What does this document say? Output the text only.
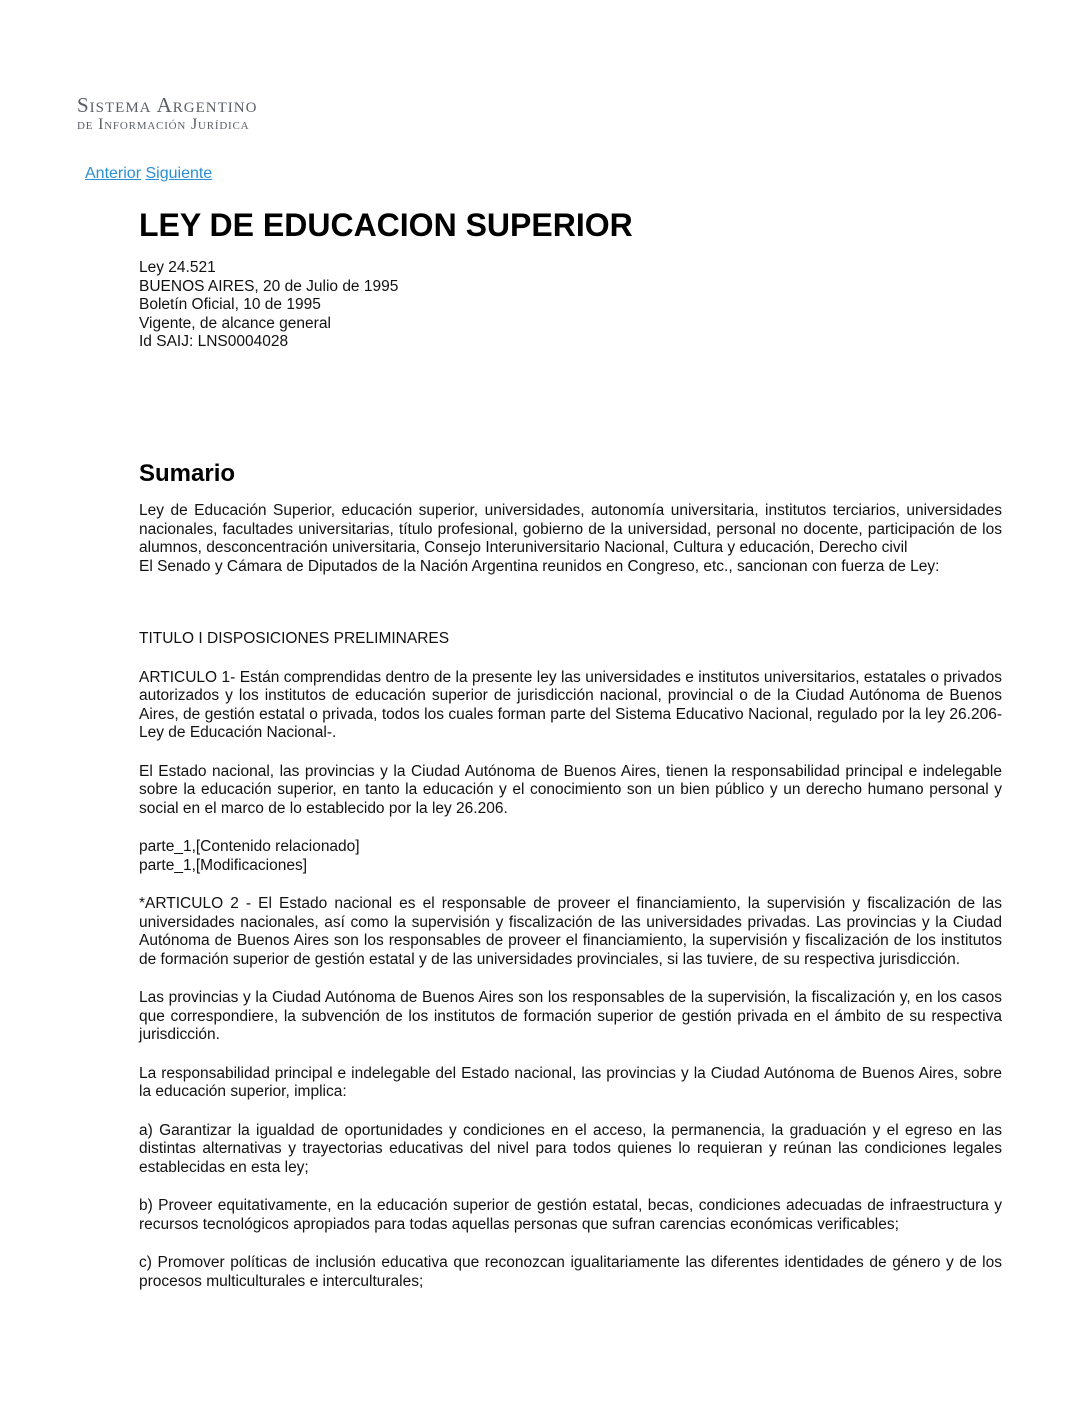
Sistema Argentino
de Información Jurídica
Anterior Siguiente
LEY DE EDUCACION SUPERIOR
Ley 24.521
BUENOS AIRES, 20 de Julio de 1995
Boletín Oficial, 10 de 1995
Vigente, de alcance general
Id SAIJ: LNS0004028
Sumario

Ley de Educación Superior, educación superior, universidades, autonomía universitaria, institutos terciarios, universidades nacionales, facultades universitarias, título profesional, gobierno de la universidad, personal no docente, participación de los alumnos, desconcentración universitaria, Consejo Interuniversitario Nacional, Cultura y educación, Derecho civil

El Senado y Cámara de Diputados de la Nación Argentina reunidos en Congreso, etc., sancionan con fuerza de Ley:

TITULO I DISPOSICIONES PRELIMINARES

ARTICULO 1- Están comprendidas dentro de la presente ley las universidades e institutos universitarios, estatales o privados autorizados y los institutos de educación superior de jurisdicción nacional, provincial o de la Ciudad Autónoma de Buenos Aires, de gestión estatal o privada, todos los cuales forman parte del Sistema Educativo Nacional, regulado por la ley 26.206-Ley de Educación Nacional-.

El Estado nacional, las provincias y la Ciudad Autónoma de Buenos Aires, tienen la responsabilidad principal e indelegable sobre la educación superior, en tanto la educación y el conocimiento son un bien público y un derecho humano personal y social en el marco de lo establecido por la ley 26.206.

parte_1,[Contenido relacionado]
parte_1,[Modificaciones]

*ARTICULO 2 - El Estado nacional es el responsable de proveer el financiamiento, la supervisión y fiscalización de las universidades nacionales, así como la supervisión y fiscalización de las universidades privadas. Las provincias y la Ciudad Autónoma de Buenos Aires son los responsables de proveer el financiamiento, la supervisión y fiscalización de los institutos de formación superior de gestión estatal y de las universidades provinciales, si las tuviere, de su respectiva jurisdicción.

Las provincias y la Ciudad Autónoma de Buenos Aires son los responsables de la supervisión, la fiscalización y, en los casos que correspondiere, la subvención de los institutos de formación superior de gestión privada en el ámbito de su respectiva jurisdicción.

La responsabilidad principal e indelegable del Estado nacional, las provincias y la Ciudad Autónoma de Buenos Aires, sobre la educación superior, implica:

a) Garantizar la igualdad de oportunidades y condiciones en el acceso, la permanencia, la graduación y el egreso en las distintas alternativas y trayectorias educativas del nivel para todos quienes lo requieran y reúnan las condiciones legales establecidas en esta ley;

b) Proveer equitativamente, en la educación superior de gestión estatal, becas, condiciones adecuadas de infraestructura y recursos tecnológicos apropiados para todas aquellas personas que sufran carencias económicas verificables;

c) Promover políticas de inclusión educativa que reconozcan igualitariamente las diferentes identidades de género y de los procesos multiculturales e interculturales;
